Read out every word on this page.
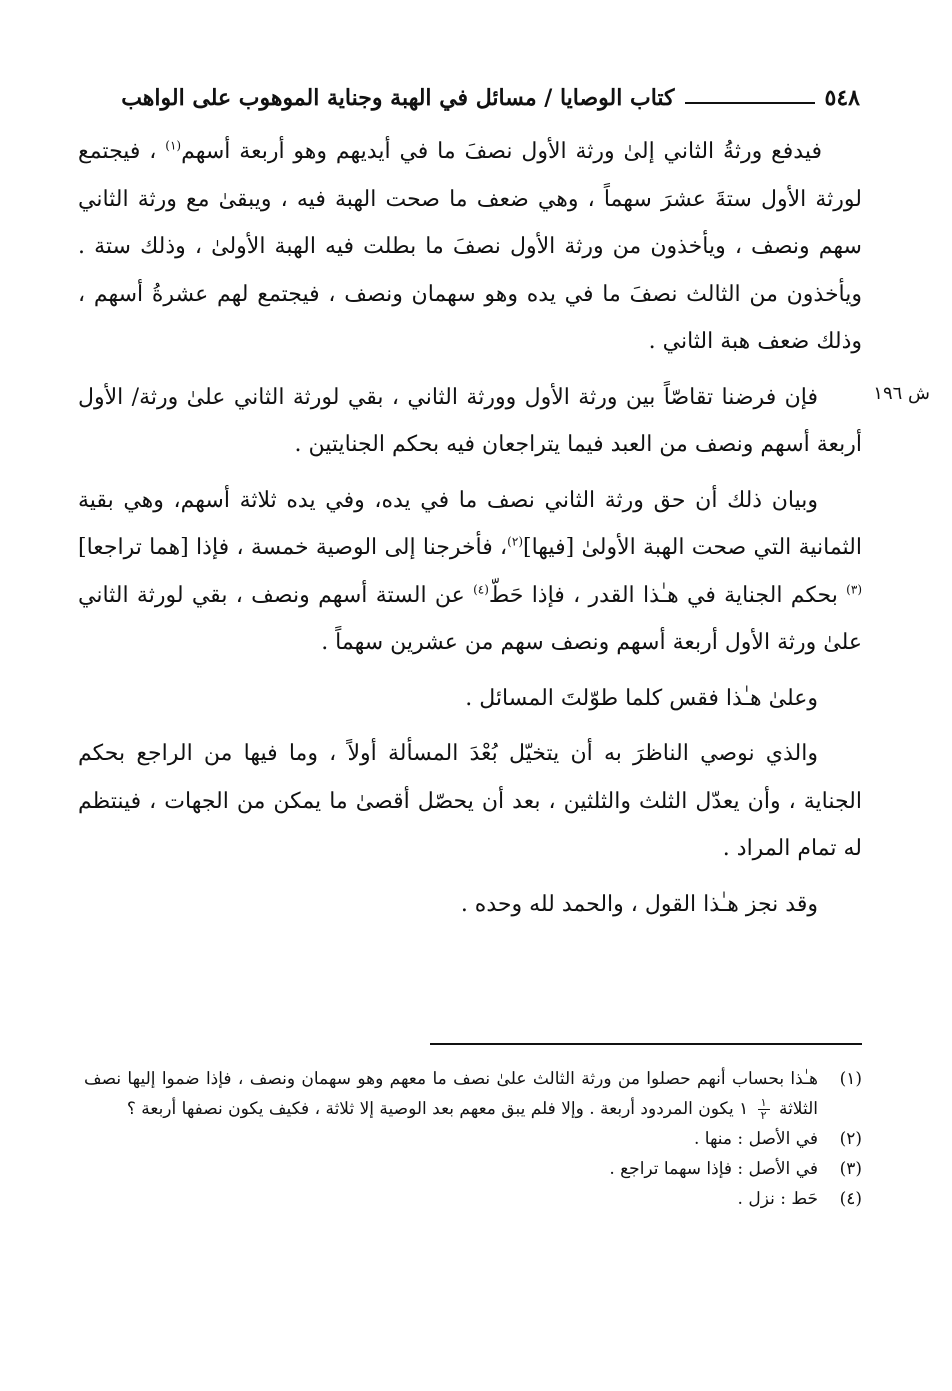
٥٤٨
كتاب الوصايا / مسائل في الهبة وجناية الموهوب على الواهب
ش ١٩٦

فيدفع ورثةُ الثاني إلىٰ ورثة الأول نصفَ ما في أيديهم وهو أربعة أسهم$^{(١)}$ ، فيجتمع لورثة الأول ستةَ عشرَ سهماً ، وهي ضعف ما صحت الهبة فيه ، ويبقىٰ مع ورثة الثاني سهم ونصف ، ويأخذون من ورثة الأول نصفَ ما بطلت فيه الهبة الأولىٰ ، وذلك ستة . ويأخذون من الثالث نصفَ ما في يده وهو سهمان ونصف ، فيجتمع لهم عشرةُ أسهم ، وذلك ضعف هبة الثاني .

فإن فرضنا تقاصّاً بين ورثة الأول وورثة الثاني ، بقي لورثة الثاني علىٰ ورثة/ الأول أربعة أسهم ونصف من العبد فيما يتراجعان فيه بحكم الجنايتين .

وبيان ذلك أن حق ورثة الثاني نصف ما في يده، وفي يده ثلاثة أسهم، وهي بقية الثمانية التي صحت الهبة الأولىٰ [فيها]$^{(٢)}$، فأخرجنا إلى الوصية خمسة ، فإذا [هما تراجعا]$^{(٣)}$ بحكم الجناية في هـٰذا القدر ، فإذا حَطّ$^{(٤)}$ عن الستة أسهم ونصف ، بقي لورثة الثاني علىٰ ورثة الأول أربعة أسهم ونصف سهم من عشرين سهماً .

وعلىٰ هـٰذا فقس كلما طوّلتَ المسائل .

والذي نوصي الناظرَ به أن يتخيّل بُعْدَ المسألة أولاً ، وما فيها من الراجع بحكم الجناية ، وأن يعدّل الثلث والثلثين ، بعد أن يحصّل أقصىٰ ما يمكن من الجهات ، فينتظم له تمام المراد .

وقد نجز هـٰذا القول ، والحمد لله وحده .

(١)
هـٰذا بحساب أنهم حصلوا من ورثة الثالث علىٰ نصف ما معهم وهو سهمان ونصف ، فإذا ضموا إليها نصف الثلاثة
$\frac{١}{٢}$
١ يكون المردود أربعة . وإلا فلم يبق معهم بعد الوصية إلا ثلاثة ، فكيف يكون نصفها أربعة ؟
(٢)
في الأصل : منها .
(٣)
في الأصل : فإذا سهما تراجع .
(٤)
حَط : نزل .
